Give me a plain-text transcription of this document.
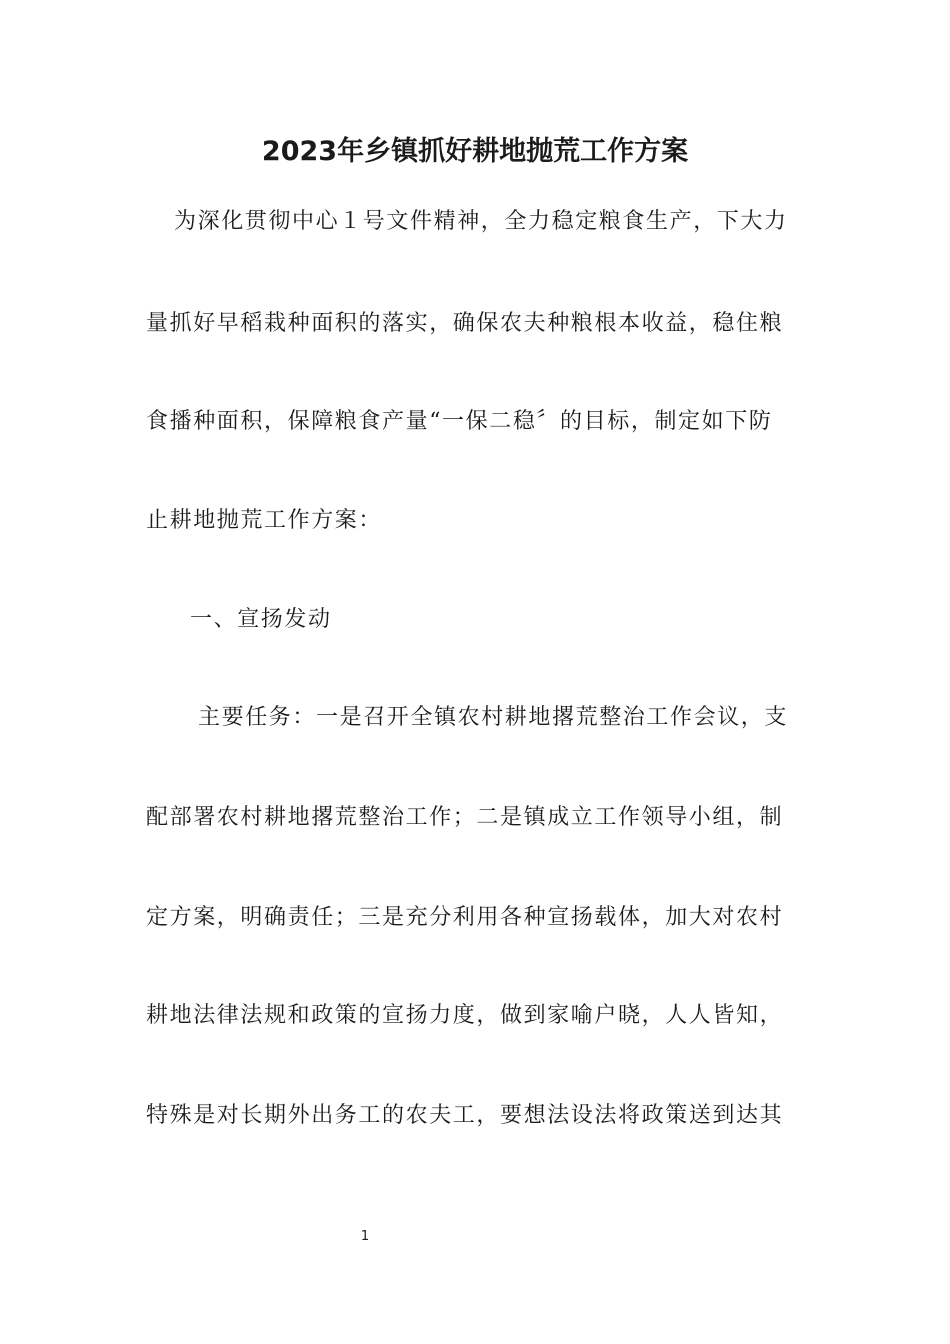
2023年乡镇抓好耕地抛荒工作方案

为深化贯彻中心１号文件精神，全力稳定粮食生产，下大力

量抓好早稻栽种面积的落实，确保农夫种粮根本收益，稳住粮

食播种面积，保障粮食产量“一保二稳〞的目标，制定如下防

止耕地抛荒工作方案：

一、宣扬发动

主要任务：一是召开全镇农村耕地撂荒整治工作会议，支

配部署农村耕地撂荒整治工作；二是镇成立工作领导小组，制

定方案，明确责任；三是充分利用各种宣扬载体，加大对农村

耕地法律法规和政策的宣扬力度，做到家喻户晓，人人皆知，

特殊是对长期外出务工的农夫工，要想法设法将政策送到达其

1
